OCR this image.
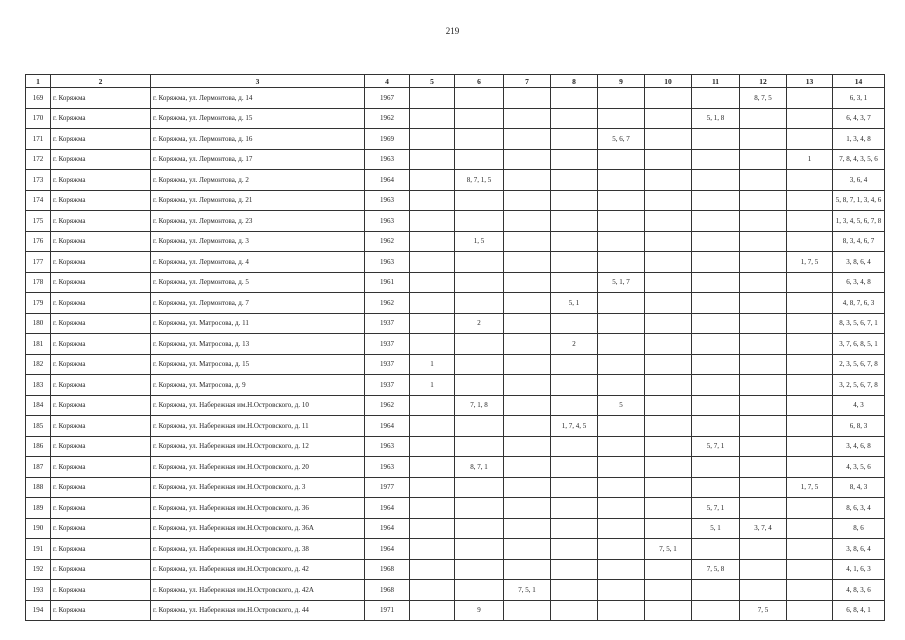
219
1	2	3	4	5	6	7	8	9	10	11	12	13	14
169	г. Коряжма	г. Коряжма, ул. Лермонтова, д. 14	1967								8, 7, 5		6, 3, 1
170	г. Коряжма	г. Коряжма, ул. Лермонтова, д. 15	1962							5, 1, 8			6, 4, 3, 7
171	г. Коряжма	г. Коряжма, ул. Лермонтова, д. 16	1969					5, 6, 7					1, 3, 4, 8
172	г. Коряжма	г. Коряжма, ул. Лермонтова, д. 17	1963									1	7, 8, 4, 3, 5, 6
173	г. Коряжма	г. Коряжма, ул. Лермонтова, д. 2	1964		8, 7, 1, 5								3, 6, 4
174	г. Коряжма	г. Коряжма, ул. Лермонтова, д. 21	1963										5, 8, 7, 1, 3, 4, 6
175	г. Коряжма	г. Коряжма, ул. Лермонтова, д. 23	1963										1, 3, 4, 5, 6, 7, 8
176	г. Коряжма	г. Коряжма, ул. Лермонтова, д. 3	1962		1, 5								8, 3, 4, 6, 7
177	г. Коряжма	г. Коряжма, ул. Лермонтова, д. 4	1963									1, 7, 5	3, 8, 6, 4
178	г. Коряжма	г. Коряжма, ул. Лермонтова, д. 5	1961					5, 1, 7					6, 3, 4, 8
179	г. Коряжма	г. Коряжма, ул. Лермонтова, д. 7	1962				5, 1						4, 8, 7, 6, 3
180	г. Коряжма	г. Коряжма, ул. Матросова, д. 11	1937		2								8, 3, 5, 6, 7, 1
181	г. Коряжма	г. Коряжма, ул. Матросова, д. 13	1937				2						3, 7, 6, 8, 5, 1
182	г. Коряжма	г. Коряжма, ул. Матросова, д. 15	1937	1									2, 3, 5, 6, 7, 8
183	г. Коряжма	г. Коряжма, ул. Матросова, д. 9	1937	1									3, 2, 5, 6, 7, 8
184	г. Коряжма	г. Коряжма, ул. Набережная им.Н.Островского, д. 10	1962		7, 1, 8			5					4, 3
185	г. Коряжма	г. Коряжма, ул. Набережная им.Н.Островского, д. 11	1964				1, 7, 4, 5						6, 8, 3
186	г. Коряжма	г. Коряжма, ул. Набережная им.Н.Островского, д. 12	1963							5, 7, 1			3, 4, 6, 8
187	г. Коряжма	г. Коряжма, ул. Набережная им.Н.Островского, д. 20	1963		8, 7, 1								4, 3, 5, 6
188	г. Коряжма	г. Коряжма, ул. Набережная им.Н.Островского, д. 3	1977									1, 7, 5	8, 4, 3
189	г. Коряжма	г. Коряжма, ул. Набережная им.Н.Островского, д. 36	1964							5, 7, 1			8, 6, 3, 4
190	г. Коряжма	г. Коряжма, ул. Набережная им.Н.Островского, д. 36А	1964							5, 1	3, 7, 4		8, 6
191	г. Коряжма	г. Коряжма, ул. Набережная им.Н.Островского, д. 38	1964						7, 5, 1				3, 8, 6, 4
192	г. Коряжма	г. Коряжма, ул. Набережная им.Н.Островского, д. 42	1968							7, 5, 8			4, 1, 6, 3
193	г. Коряжма	г. Коряжма, ул. Набережная им.Н.Островского, д. 42А	1968			7, 5, 1							4, 8, 3, 6
194	г. Коряжма	г. Коряжма, ул. Набережная им.Н.Островского, д. 44	1971		9						7, 5		6, 8, 4, 1
